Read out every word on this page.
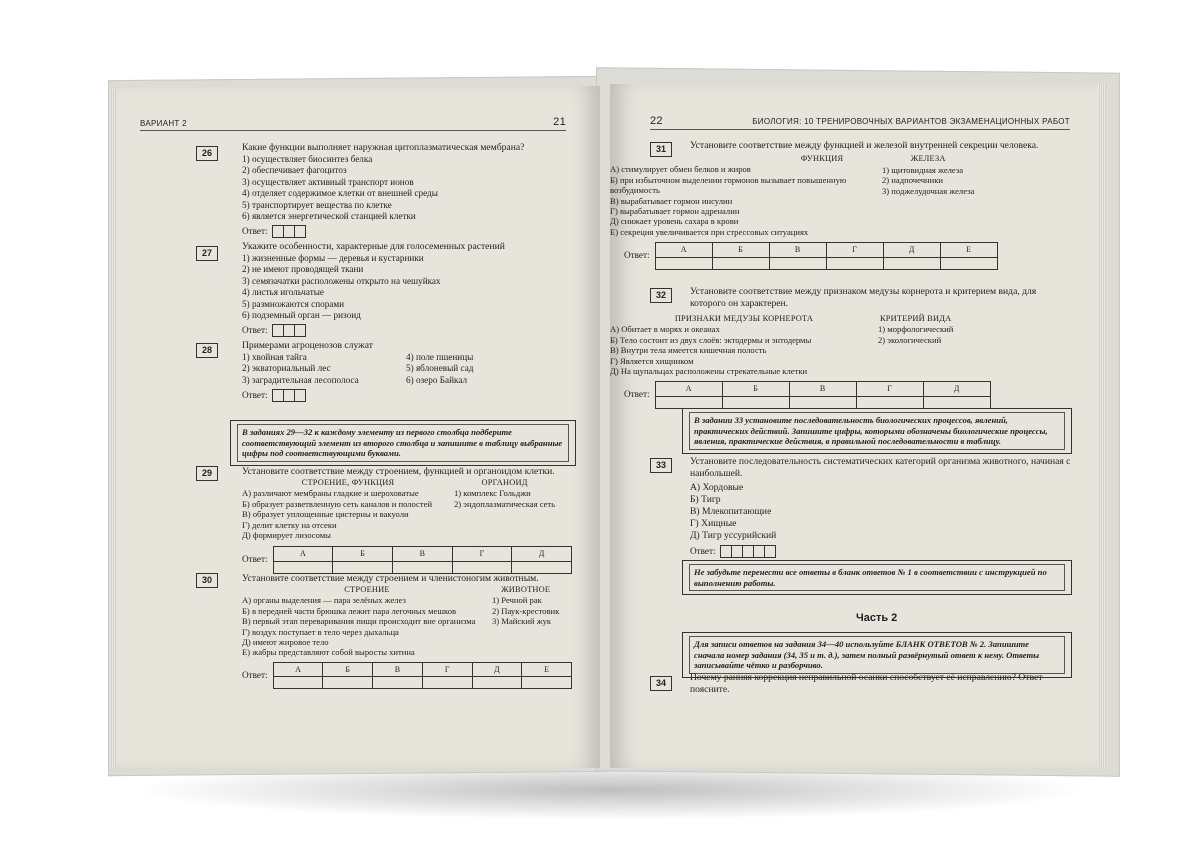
ВАРИАНТ 2	21
26	Какие функции выполняет наружная цитоплазматическая мембрана?
1) осуществляет биосинтез белка
2) обеспечивает фагоцитоз
3) осуществляет активный транспорт ионов
4) отделяет содержимое клетки от внешней среды
5) транспортирует вещества по клетке
6) является энергетической станцией клетки
Ответ:
27
Укажите особенности, характерные для голосеменных растений
1) жизненные формы — деревья и кустарники
2) не имеют проводящей ткани
3) семязачатки расположены открыто на чешуйках
4) листья игольчатые
5) размножаются спорами
6) подземный орган — ризоид
Ответ:
28	Примерами агроценозов служат
1) хвойная тайга
2) экваториальный лес
3) заградительная лесополоса
4) поле пшеницы
5) яблоневый сад
6) озеро Байкал
Ответ:
В заданиях 29—32 к каждому элементу из первого столбца подберите соответствующий элемент из второго столбца и запишите в таблицу выбранные цифры под соответствующими буквами.
29	Установите соответствие между строением, функцией и органоидом клетки.
СТРОЕНИЕ, ФУНКЦИЯ
А) различают мембраны гладкие и шероховатые
Б) образует разветвленную сеть каналов и полостей
В) образует уплощенные цистерны и вакуоли
Г) делит клетку на отсеки
Д) формирует лизосомы
ОРГАНОИД
1) комплекс Гольджи
2) эндоплазматическая сеть
Ответ:
А	Б	В	Г	Д

30	Установите соответствие между строением и членистоногим животным.
СТРОЕНИЕ
А) органы выделения — пара зелёных желез
Б) в передней части брюшка лежит пара легочных мешков
В) первый этап переваривания пищи происходит вне организма
Г) воздух поступает в тело через дыхальца
Д) имеют жировое тело
Е) жабры представляют собой выросты хитина
ЖИВОТНОЕ
1) Речной рак
2) Паук-крестовик
3) Майский жук
Ответ:
А	Б	В	Г	Д	Е

22	БИОЛОГИЯ: 10 ТРЕНИРОВОЧНЫХ ВАРИАНТОВ ЭКЗАМЕНАЦИОННЫХ РАБОТ
31	Установите соответствие между функцией и железой внутренней секреции человека.
ФУНКЦИЯ
А) стимулирует обмен белков и жиров
Б) при избыточном выделении гормонов вызывает повышенную возбудимость
В) вырабатывает гормон инсулин
Г) вырабатывает гормон адреналин
Д) снижает уровень сахара в крови
Е) секреция увеличивается при стрессовых ситуациях
ЖЕЛЕЗА
1) щитовидная железа
2) надпочечники
3) поджелудочная железа
Ответ:
А	Б	В	Г	Д	Е

32	Установите соответствие между признаком медузы корнерота и критерием вида, для которого он характерен.
ПРИЗНАКИ МЕДУЗЫ КОРНЕРОТА
А) Обитает в морях и океанах
Б) Тело состоит из двух слоёв: эктодермы и энтодермы
В) Внутри тела имеется кишечная полость
Г) Является хищником
Д) На щупальцах расположены стрекательные клетки
КРИТЕРИЙ ВИДА
1) морфологический
2) экологический
Ответ:
А	Б	В	Г	Д

В задании 33 установите последовательность биологических процессов, явлений, практических действий. Запишите цифры, которыми обозначены биологические процессы, явления, практические действия, в правильной последовательности в таблицу.
33	Установите последовательность систематических категорий организма животного, начиная с наибольшей.
А) Хордовые
Б) Тигр
В) Млекопитающие
Г) Хищные
Д) Тигр уссурийский
Ответ:
Не забудьте перенести все ответы в бланк ответов № 1 в соответствии с инструкцией по выполнению работы.
Часть 2
Для записи ответов на задания 34—40 используйте БЛАНК ОТВЕТОВ № 2. Запишите сначала номер задания (34, 35 и т. д.), затем полный развёрнутый ответ к нему. Ответы записывайте чётко и разборчиво.
34	Почему ранняя коррекция неправильной осанки способствует её исправлению? Ответ поясните.
